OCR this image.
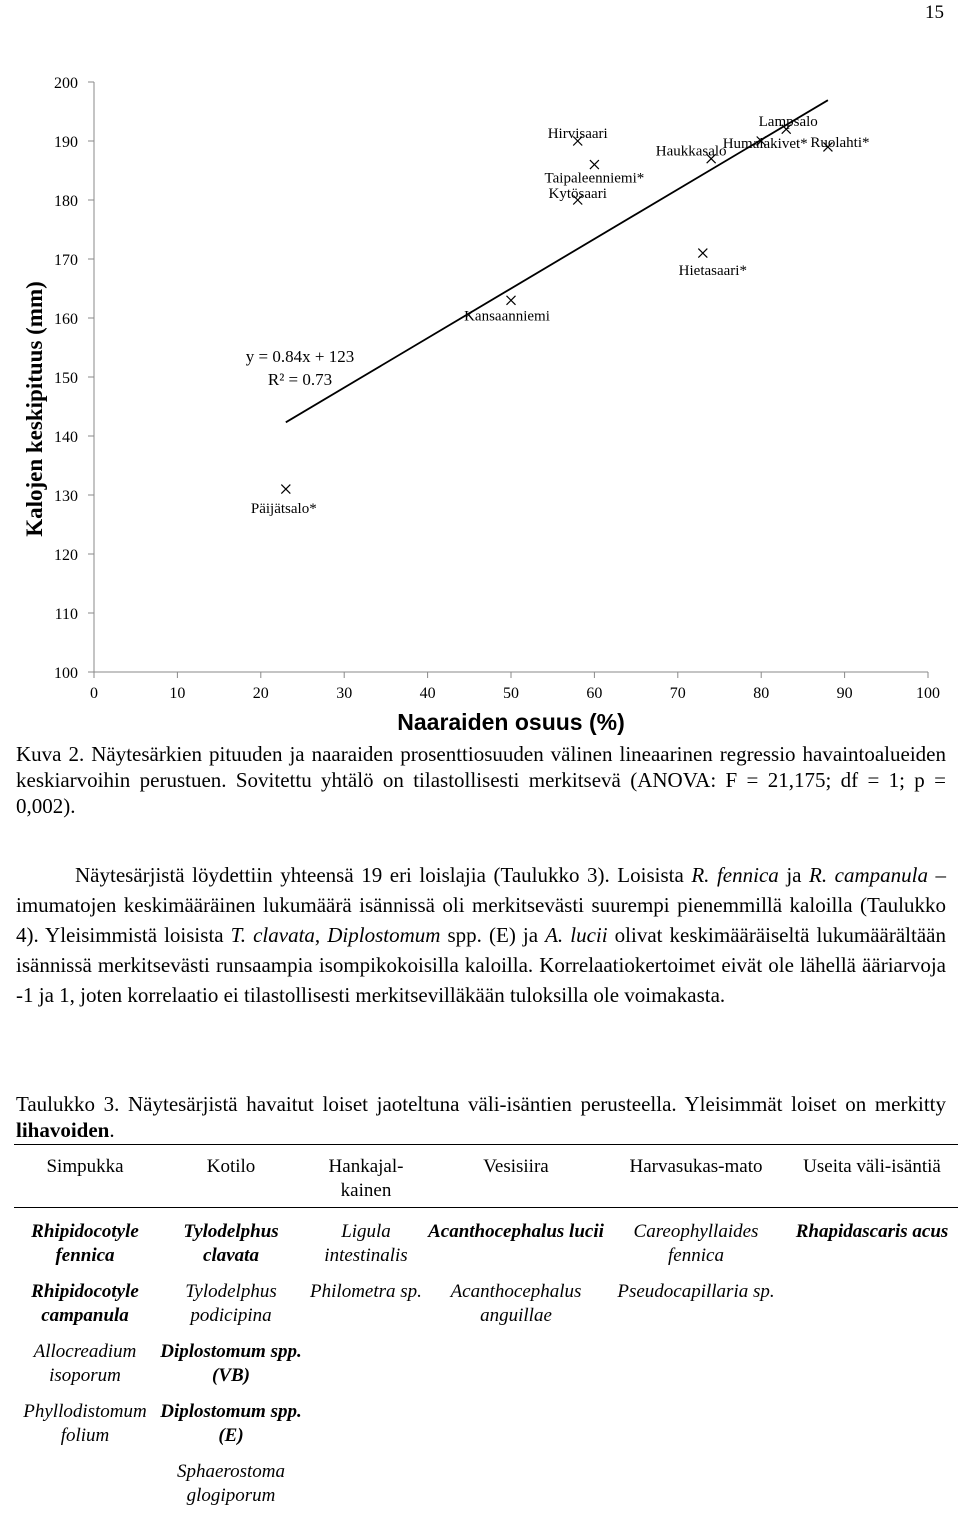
15
100
110
120
130
140
150
160
170
180
190
200
0	10	20	30	40	50	60	70	80	90	100
Kalojen keskipituus (mm)
Naaraiden osuus (%)
y = 0.84x + 123
R² = 0.73
Päijätsalo*
Kansaanniemi
Hirvisaari
Taipaleenniemi*
Kytösaari
Haukkasalo
Hietasaari*
Lampsalo
Humalakivet* Ruolahti*
Kuva 2. Näytesärkien pituuden ja naaraiden prosenttiosuuden välinen lineaarinen regressio havaintoalueiden keskiarvoihin perustuen. Sovitettu yhtälö on tilastollisesti merkitsevä (ANOVA: F = 21,175; df = 1; p = 0,002).
Näytesärjistä löydettiin yhteensä 19 eri loislajia (Taulukko 3). Loisista R. fennica ja R. campanula –imumatojen keskimääräinen lukumäärä isännissä oli merkitsevästi suurempi pienemmillä kaloilla (Taulukko 4). Yleisimmistä loisista T. clavata, Diplostomum spp. (E) ja A. lucii olivat keskimääräiseltä lukumäärältään isännissä merkitsevästi runsaampia isompikokoisilla kaloilla. Korrelaatiokertoimet eivät ole lähellä ääriarvoja -1 ja 1, joten korrelaatio ei tilastollisesti merkitsevilläkään tuloksilla ole voimakasta.
Taulukko 3. Näytesärjistä havaitut loiset jaoteltuna väli-isäntien perusteella. Yleisimmät loiset on merkitty lihavoiden.
Simpukka	Kotilo	Hankajal-kainen	Vesisiira	Harvasukas-mato	Useita väli-isäntiä
Rhipidocotyle fennica	Tylodelphus clavata	Ligula intestinalis	Acanthocephalus lucii	Careophyllaides fennica	Rhapidascaris acus
Rhipidocotyle campanula	Tylodelphus podicipina	Philometra sp.	Acanthocephalus anguillae	Pseudocapillaria sp.	
Allocreadium isoporum	Diplostomum spp. (VB)				
Phyllodistomum folium	Diplostomum spp. (E)				
	Sphaerostoma glogiporum				
